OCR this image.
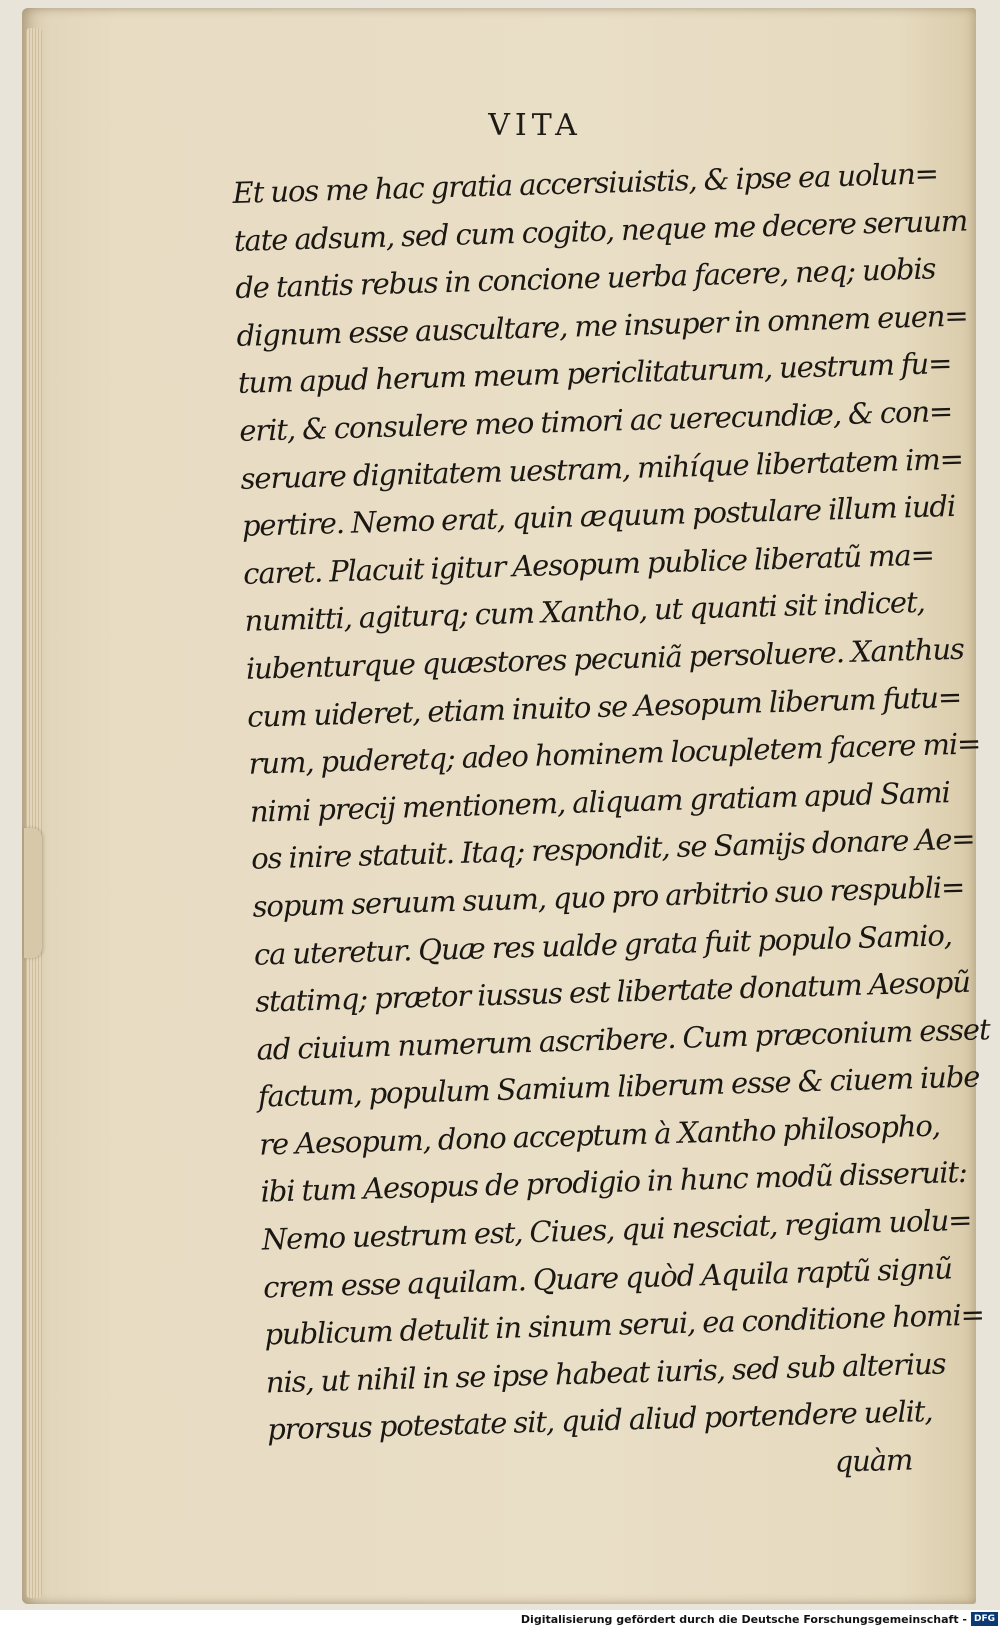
VITA
Et uos me hac gratia accersiuistis, & ipse ea uolun=
tate adsum, sed cum cogito, neque me decere seruum
de tantis rebus in concione uerba facere, neq; uobis
dignum esse auscultare, me insuper in omnem euen=
tum apud herum meum periclitaturum, uestrum fu=
erit, & consulere meo timori ac uerecundiæ, & con=
seruare dignitatem uestram, mihíque libertatem im=
pertire. Nemo erat, quin æquum postulare illum iudi
caret. Placuit igitur Aesopum publice liberatũ ma=
numitti, agiturq; cum Xantho, ut quanti sit indicet,
iubenturque quæstores pecuniã persoluere. Xanthus
cum uideret, etiam inuito se Aesopum liberum futu=
rum, puderetq; adeo hominem locupletem facere mi=
nimi precij mentionem, aliquam gratiam apud Sami
os inire statuit. Itaq; respondit, se Samijs donare Ae=
sopum seruum suum, quo pro arbitrio suo respubli=
ca uteretur. Quæ res ualde grata fuit populo Samio,
statimq; prætor iussus est libertate donatum Aesopũ
ad ciuium numerum ascribere. Cum præconium esset
factum, populum Samium liberum esse & ciuem iube
re Aesopum, dono acceptum à Xantho philosopho,
ibi tum Aesopus de prodigio in hunc modũ disseruit:
Nemo uestrum est, Ciues, qui nesciat, regiam uolu=
crem esse aquilam. Quare quòd Aquila raptũ signũ
publicum detulit in sinum serui, ea conditione homi=
nis, ut nihil in se ipse habeat iuris, sed sub alterius
prorsus potestate sit, quid aliud portendere uelit,
quàm
Digitalisierung gefördert durch die Deutsche Forschungsgemeinschaft - DFG
